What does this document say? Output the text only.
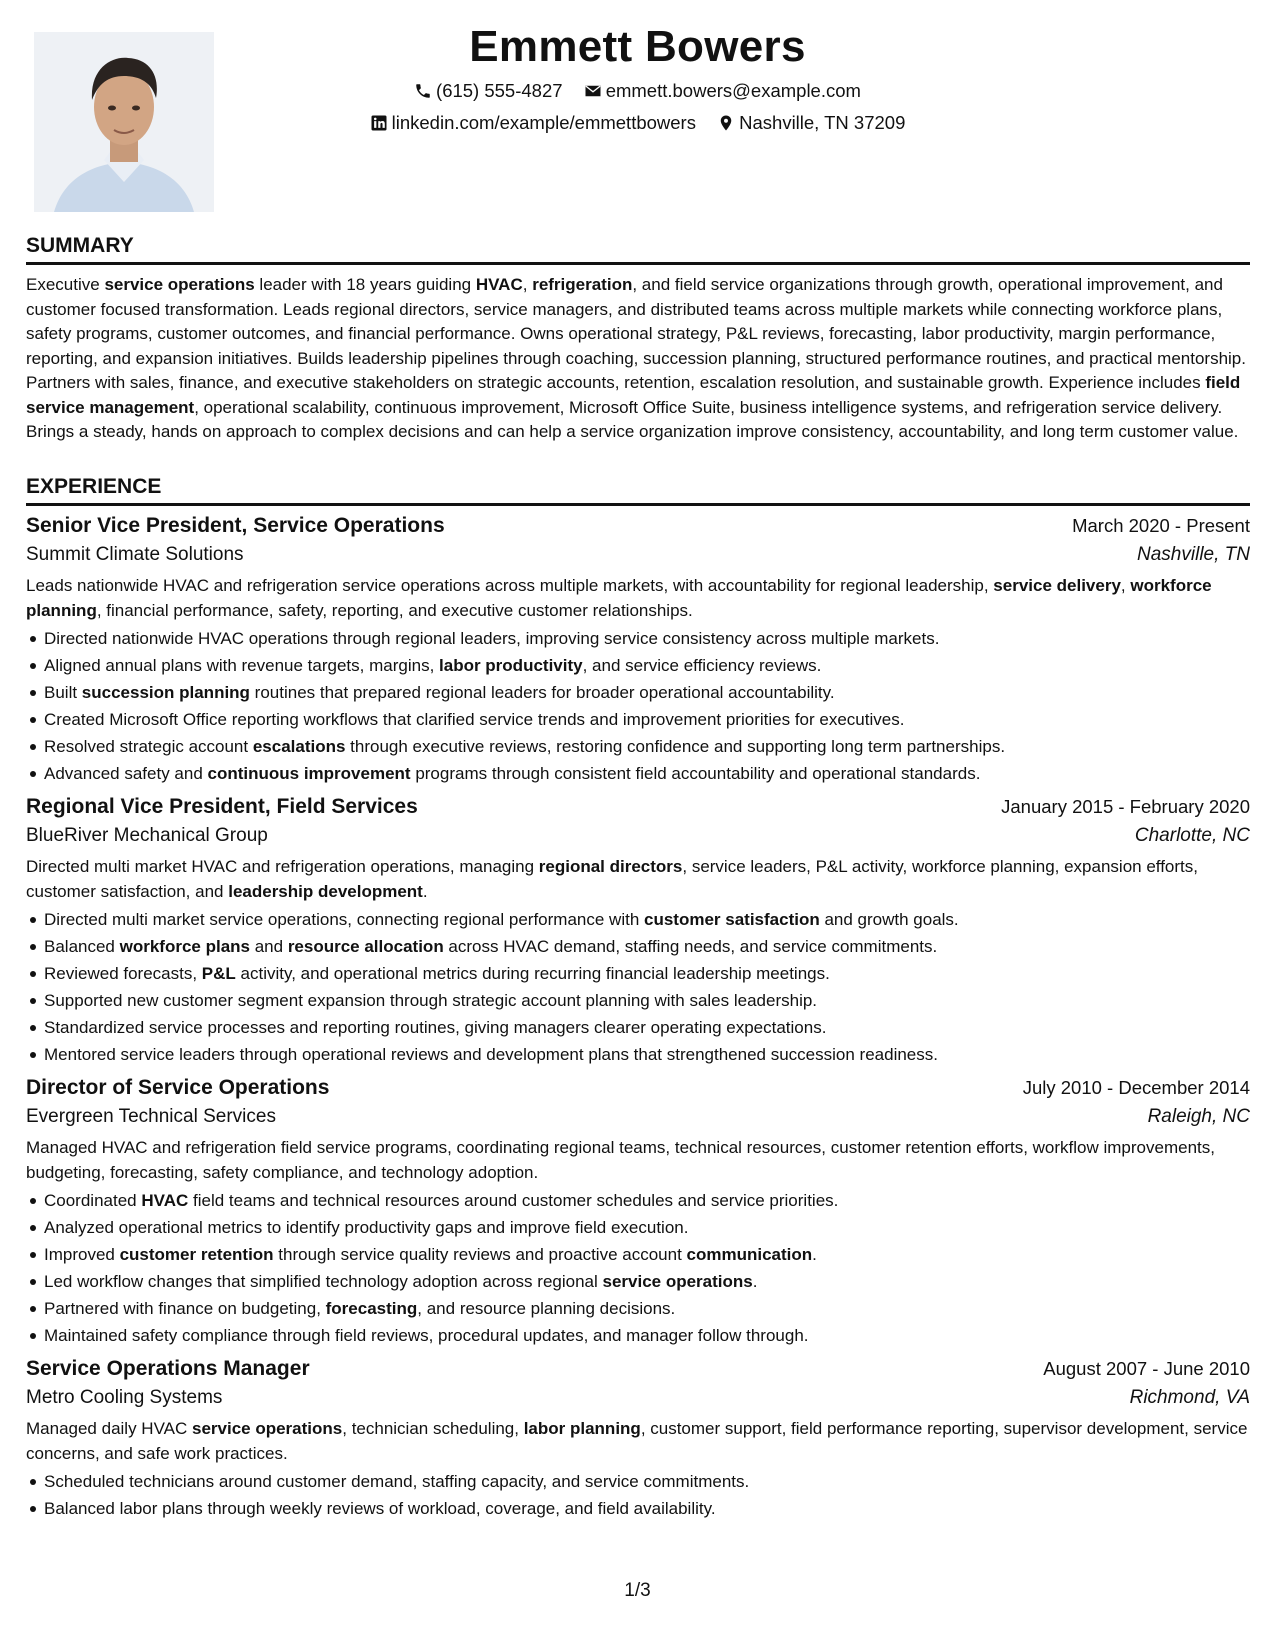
Emmett Bowers
(615) 555-4827
emmett.bowers@example.com
linkedin.com/example/emmettbowers
Nashville, TN 37209
SUMMARY
Executive service operations leader with 18 years guiding HVAC, refrigeration, and field service organizations through growth, operational improvement, and customer focused transformation. Leads regional directors, service managers, and distributed teams across multiple markets while connecting workforce plans, safety programs, customer outcomes, and financial performance. Owns operational strategy, P&L reviews, forecasting, labor productivity, margin performance, reporting, and expansion initiatives. Builds leadership pipelines through coaching, succession planning, structured performance routines, and practical mentorship. Partners with sales, finance, and executive stakeholders on strategic accounts, retention, escalation resolution, and sustainable growth. Experience includes field service management, operational scalability, continuous improvement, Microsoft Office Suite, business intelligence systems, and refrigeration service delivery. Brings a steady, hands on approach to complex decisions and can help a service organization improve consistency, accountability, and long term customer value.
EXPERIENCE
Senior Vice President, Service Operations	March 2020 - Present
Summit Climate Solutions	Nashville, TN
Leads nationwide HVAC and refrigeration service operations across multiple markets, with accountability for regional leadership, service delivery, workforce planning, financial performance, safety, reporting, and executive customer relationships.
Directed nationwide HVAC operations through regional leaders, improving service consistency across multiple markets.
Aligned annual plans with revenue targets, margins, labor productivity, and service efficiency reviews.
Built succession planning routines that prepared regional leaders for broader operational accountability.
Created Microsoft Office reporting workflows that clarified service trends and improvement priorities for executives.
Resolved strategic account escalations through executive reviews, restoring confidence and supporting long term partnerships.
Advanced safety and continuous improvement programs through consistent field accountability and operational standards.
Regional Vice President, Field Services	January 2015 - February 2020
BlueRiver Mechanical Group	Charlotte, NC
Directed multi market HVAC and refrigeration operations, managing regional directors, service leaders, P&L activity, workforce planning, expansion efforts, customer satisfaction, and leadership development.
Directed multi market service operations, connecting regional performance with customer satisfaction and growth goals.
Balanced workforce plans and resource allocation across HVAC demand, staffing needs, and service commitments.
Reviewed forecasts, P&L activity, and operational metrics during recurring financial leadership meetings.
Supported new customer segment expansion through strategic account planning with sales leadership.
Standardized service processes and reporting routines, giving managers clearer operating expectations.
Mentored service leaders through operational reviews and development plans that strengthened succession readiness.
Director of Service Operations	July 2010 - December 2014
Evergreen Technical Services	Raleigh, NC
Managed HVAC and refrigeration field service programs, coordinating regional teams, technical resources, customer retention efforts, workflow improvements, budgeting, forecasting, safety compliance, and technology adoption.
Coordinated HVAC field teams and technical resources around customer schedules and service priorities.
Analyzed operational metrics to identify productivity gaps and improve field execution.
Improved customer retention through service quality reviews and proactive account communication.
Led workflow changes that simplified technology adoption across regional service operations.
Partnered with finance on budgeting, forecasting, and resource planning decisions.
Maintained safety compliance through field reviews, procedural updates, and manager follow through.
Service Operations Manager	August 2007 - June 2010
Metro Cooling Systems	Richmond, VA
Managed daily HVAC service operations, technician scheduling, labor planning, customer support, field performance reporting, supervisor development, service concerns, and safe work practices.
Scheduled technicians around customer demand, staffing capacity, and service commitments.
Balanced labor plans through weekly reviews of workload, coverage, and field availability.
1/3
